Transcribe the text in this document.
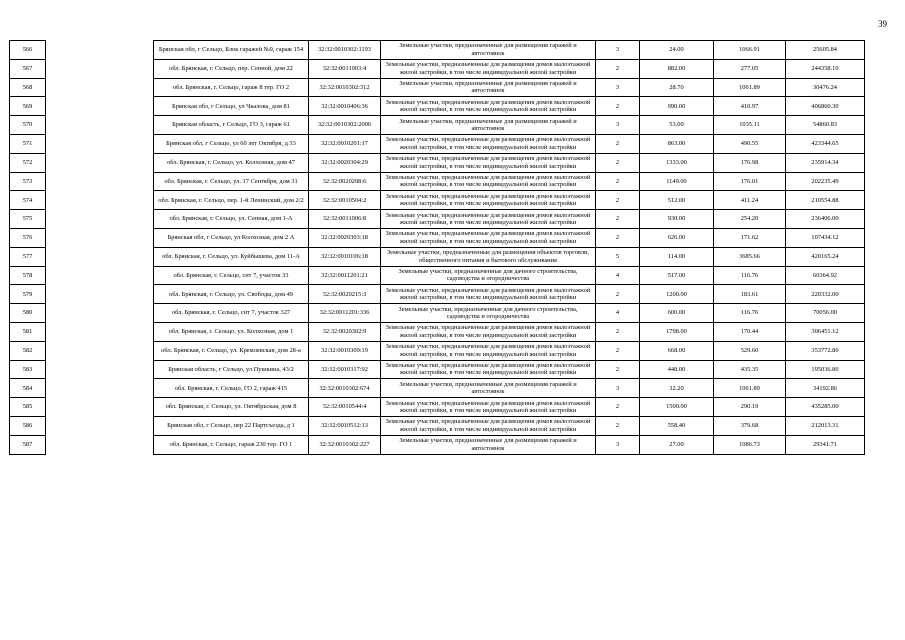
39
566		Брянская обл, г Сельцо, Блок гаражей №9, гараж 154	32:32:0010302:1193	Земельные участки, предназначенные для размещения гаражей и автостоянок	3	24.00	1066.91	25605.84
567		обл. Брянская, г. Сельцо, пер. Сенной, дом 22	32:32:0011003:4	Земельные участки, предназначенные для размещения домов малоэтажной жилой застройки, в том числе индивидуальной жилой застройки	2	882.00	277.05	244358.10
568		обл. Брянская, г. Сельцо, гараж 8 тер. ГО 2	32:32:0010302:312	Земельные участки, предназначенные для размещения гаражей и автостоянок	3	28.70	1061.89	30476.24
569		Брянская обл, г Сельцо, ул Чкалова, дом 81	32:32:0010406:36	Земельные участки, предназначенные для размещения домов малоэтажной жилой застройки, в том числе индивидуальной жилой застройки	2	990.00	410.97	406860.30
570		Брянская область, г Сельцо, ГО 3, гараж 61	32:32:0010302:2006	Земельные участки, предназначенные для размещения гаражей и автостоянок	3	53.00	1035.11	54860.83
571		Брянская обл, г Сельцо, ул 60 лет Октября, д 33	32:32:0010201:17	Земельные участки, предназначенные для размещения домов малоэтажной жилой застройки, в том числе индивидуальной жилой застройки	2	863.00	490.55	423344.65
572		обл. Брянская, г. Сельцо, ул. Колхозная, дом 47	32:32:0020304:29	Земельные участки, предназначенные для размещения домов малоэтажной жилой застройки, в том числе индивидуальной жилой застройки	2	1333.00	176.98	235914.34
573		обл. Брянская, г. Сельцо, ул. 17 Сентября, дом 31	32:32:0020208:6	Земельные участки, предназначенные для размещения домов малоэтажной жилой застройки, в том числе индивидуальной жилой застройки	2	1149.00	176.01	202235.49
574		обл. Брянская, г. Сельцо, пер. 1-й Ленинский, дом 2/2	32:32:0010504:2	Земельные участки, предназначенные для размещения домов малоэтажной жилой застройки, в том числе индивидуальной жилой застройки	2	512.00	411.24	210554.88
575		обл. Брянская, г. Сельцо, ул. Сенная, дом 1-А	32:32:0011006:8	Земельные участки, предназначенные для размещения домов малоэтажной жилой застройки, в том числе индивидуальной жилой застройки	2	930.00	254.20	236406.00
576		Брянская обл, г Сельцо, ул Колхозная, дом 2 А	32:32:0020303:18	Земельные участки, предназначенные для размещения домов малоэтажной жилой застройки, в том числе индивидуальной жилой застройки	2	626.00	171.62	107434.12
577		обл. Брянская, г. Сельцо, ул. Куйбышева, дом 11-А	32:32:0010106:18	Земельные участки, предназначенные для размещения объектов торговли, общественного питания и бытового обслуживания	5	114.00	3685.66	420165.24
578		обл. Брянская, г. Сельцо, снт 7, участок 33	32:32:0011201:21	Земельные участки, предназначенные для дачного строительства, садоводства и огородничества	4	517.00	116.76	60364.92
579		обл. Брянская, г. Сельцо, ул. Свободы, дом 49	32:32:0020215:3	Земельные участки, предназначенные для размещения домов малоэтажной жилой застройки, в том числе индивидуальной жилой застройки	2	1200.00	183.61	220332.00
580		обл. Брянская, г. Сельцо, снт 7, участок 327	32:32:0011201:336	Земельные участки, предназначенные для дачного строительства, садоводства и огородничества	4	600.00	116.76	70056.00
581		обл. Брянская, г. Сельцо, ул. Колхозная, дом 1	32:32:0020302:9	Земельные участки, предназначенные для размещения домов малоэтажной жилой застройки, в том числе индивидуальной жилой застройки	2	1798.00	170.44	306451.12
582		обл. Брянская, г. Сельцо, ул. Кремлевская, дом 28-а	32:32:0010309:19	Земельные участки, предназначенные для размещения домов малоэтажной жилой застройки, в том числе индивидуальной жилой застройки	2	668.00	529.60	353772.80
583		Брянская область, г Сельцо, ул Пушкина, 43/2	32:32:0010317:92	Земельные участки, предназначенные для размещения домов малоэтажной жилой застройки, в том числе индивидуальной жилой застройки	2	448.00	435.35	195036.80
584		обл. Брянская, г. Сельцо, ГО 2, гараж 415	32:32:0010302:674	Земельные участки, предназначенные для размещения гаражей и автостоянок	3	32.20	1061.89	34192.86
585		обл. Брянская, г. Сельцо, ул. Октябрьская, дом 8	32:32:0010544:4	Земельные участки, предназначенные для размещения домов малоэтажной жилой застройки, в том числе индивидуальной жилой застройки	2	1500.00	290.19	435285.00
586		Брянская обл, г Сельцо, пер 22 Партсъезда, д 1	32:32:0010512:13	Земельные участки, предназначенные для размещения домов малоэтажной жилой застройки, в том числе индивидуальной жилой застройки	2	558.40	379.68	212013.31
587		обл. Брянская, г. Сельцо, гараж 230 тер. ГО 1	32:32:0010302:227	Земельные участки, предназначенные для размещения гаражей и автостоянок	3	27.00	1086.73	29341.71
